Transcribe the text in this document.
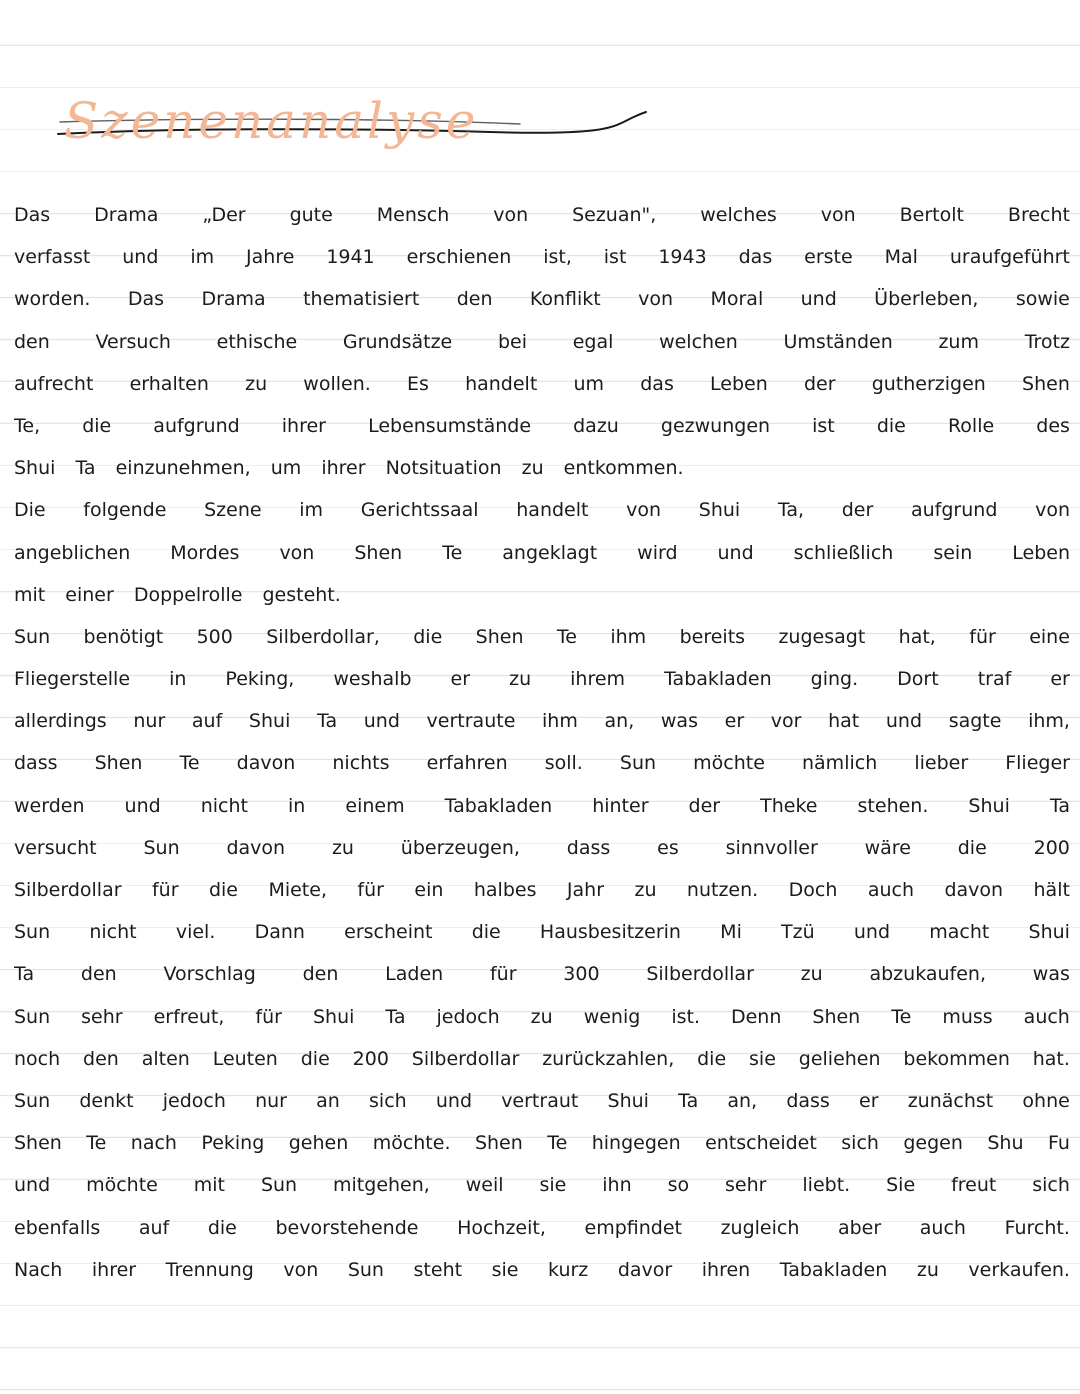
Szenenanalyse
Das Drama „Der gute Mensch von Sezuan", welches von Bertolt Brecht
verfasst und im Jahre 1941 erschienen ist, ist 1943 das erste Mal uraufgeführt
worden. Das Drama thematisiert den Konflikt von Moral und Überleben, sowie
den Versuch ethische Grundsätze bei egal welchen Umständen zum Trotz
aufrecht erhalten zu wollen. Es handelt um das Leben der gutherzigen Shen
Te, die aufgrund ihrer Lebensumstände dazu gezwungen ist die Rolle des
Shui Ta einzunehmen, um ihrer Notsituation zu entkommen.
Die folgende Szene im Gerichtssaal handelt von Shui Ta, der aufgrund von
angeblichen Mordes von Shen Te angeklagt wird und schließlich sein Leben
mit einer Doppelrolle gesteht.
Sun benötigt 500 Silberdollar, die Shen Te ihm bereits zugesagt hat, für eine
Fliegerstelle in Peking, weshalb er zu ihrem Tabakladen ging. Dort traf er
allerdings nur auf Shui Ta und vertraute ihm an, was er vor hat und sagte ihm,
dass Shen Te davon nichts erfahren soll. Sun möchte nämlich lieber Flieger
werden und nicht in einem Tabakladen hinter der Theke stehen. Shui Ta
versucht Sun davon zu überzeugen, dass es sinnvoller wäre die 200
Silberdollar für die Miete, für ein halbes Jahr zu nutzen. Doch auch davon hält
Sun nicht viel. Dann erscheint die Hausbesitzerin Mi Tzü und macht Shui
Ta den Vorschlag den Laden für 300 Silberdollar zu abzukaufen, was
Sun sehr erfreut, für Shui Ta jedoch zu wenig ist. Denn Shen Te muss auch
noch den alten Leuten die 200 Silberdollar zurückzahlen, die sie geliehen bekommen hat.
Sun denkt jedoch nur an sich und vertraut Shui Ta an, dass er zunächst ohne
Shen Te nach Peking gehen möchte. Shen Te hingegen entscheidet sich gegen Shu Fu
und möchte mit Sun mitgehen, weil sie ihn so sehr liebt. Sie freut sich
ebenfalls auf die bevorstehende Hochzeit, empfindet zugleich aber auch Furcht.
Nach ihrer Trennung von Sun steht sie kurz davor ihren Tabakladen zu verkaufen.
